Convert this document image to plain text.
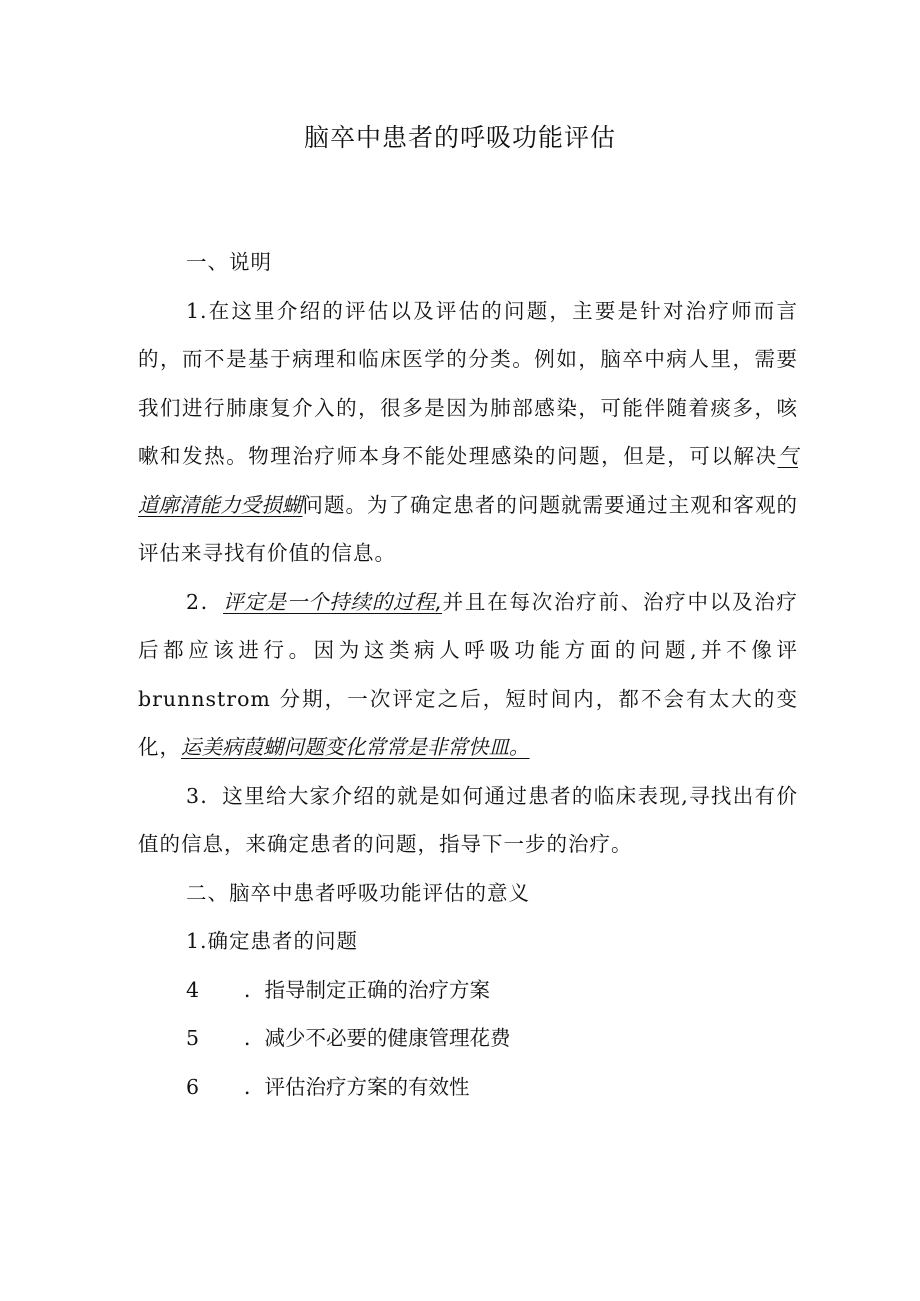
脑卒中患者的呼吸功能评估

一、说明

1.在这里介绍的评估以及评估的问题，主要是针对治疗师而言的，而不是基于病理和临床医学的分类。例如，脑卒中病人里，需要我们进行肺康复介入的，很多是因为肺部感染，可能伴随着痰多，咳嗽和发热。物理治疗师本身不能处理感染的问题，但是，可以解决气道廓清能力受损蝴问题。为了确定患者的问题就需要通过主观和客观的评估来寻找有价值的信息。

2．评定是一个持续的过程,并且在每次治疗前、治疗中以及治疗后都应该进行。因为这类病人呼吸功能方面的问题,并不像评 brunnstrom 分期，一次评定之后，短时间内，都不会有太大的变化，运美病葭蝴问题变化常常是非常快皿。

3．这里给大家介绍的就是如何通过患者的临床表现,寻找出有价值的信息，来确定患者的问题，指导下一步的治疗。

二、脑卒中患者呼吸功能评估的意义

1.确定患者的问题

4	．指导制定正确的治疗方案
5	．减少不必要的健康管理花费
6	．评估治疗方案的有效性
